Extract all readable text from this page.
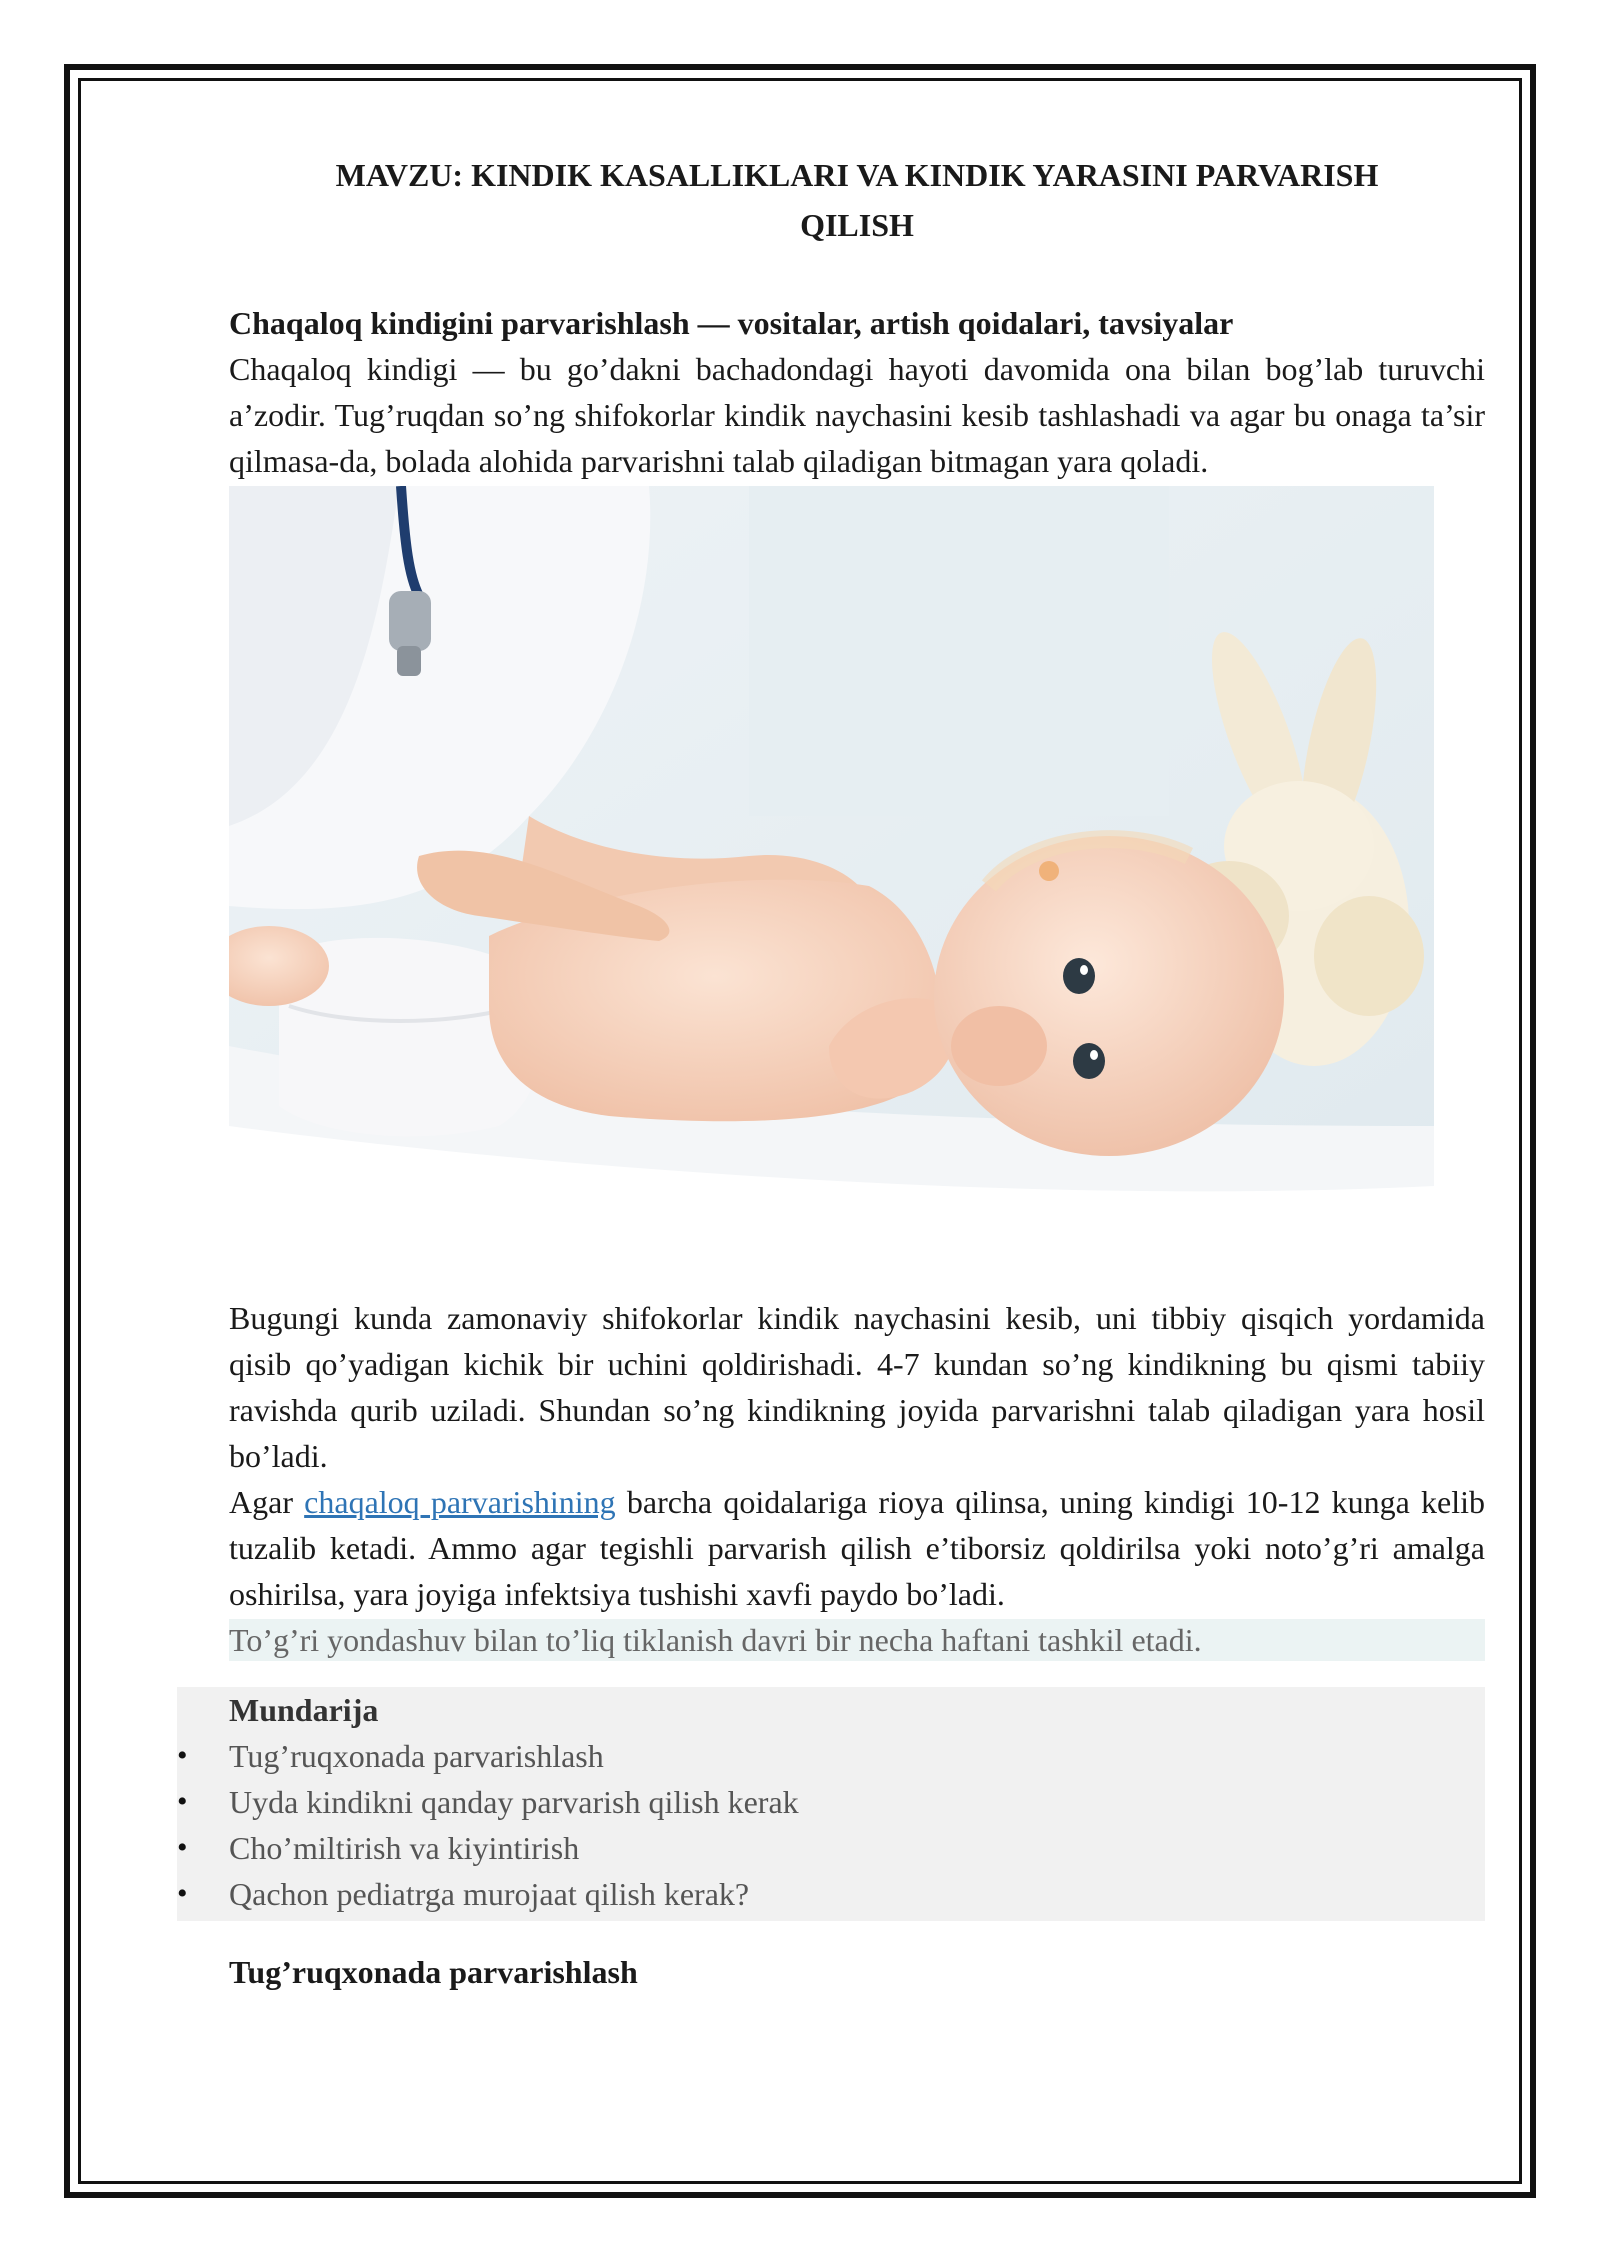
MAVZU: KINDIK KASALLIKLARI VA KINDIK YARASINI PARVARISH
QILISH
Chaqaloq kindigini parvarishlash — vositalar, artish qoidalari, tavsiyalar

Chaqaloq kindigi — bu go’dakni bachadondagi hayoti davomida ona bilan bog’lab turuvchi a’zodir. Tug’ruqdan so’ng shifokorlar kindik naychasini kesib tashlashadi va agar bu onaga ta’sir qilmasa-da, bolada alohida parvarishni talab qiladigan bitmagan yara qoladi.

Bugungi kunda zamonaviy shifokorlar kindik naychasini kesib, uni tibbiy qisqich yordamida qisib qo’yadigan kichik bir uchini qoldirishadi. 4-7 kundan so’ng kindikning bu qismi tabiiy ravishda qurib uziladi. Shundan so’ng kindikning joyida parvarishni talab qiladigan yara hosil bo’ladi.

Agar chaqaloq parvarishining barcha qoidalariga rioya qilinsa, uning kindigi 10-12 kunga kelib tuzalib ketadi. Ammo agar tegishli parvarish qilish e’tiborsiz qoldirilsa yoki noto’g’ri amalga oshirilsa, yara joyiga infektsiya tushishi xavfi paydo bo’ladi.

To’g’ri yondashuv bilan to’liq tiklanish davri bir necha haftani tashkil etadi.
Mundarija
• Tug’ruqxonada parvarishlash
• Uyda kindikni qanday parvarish qilish kerak
• Cho’miltirish va kiyintirish
• Qachon pediatrga murojaat qilish kerak?
Tug’ruqxonada parvarishlash
